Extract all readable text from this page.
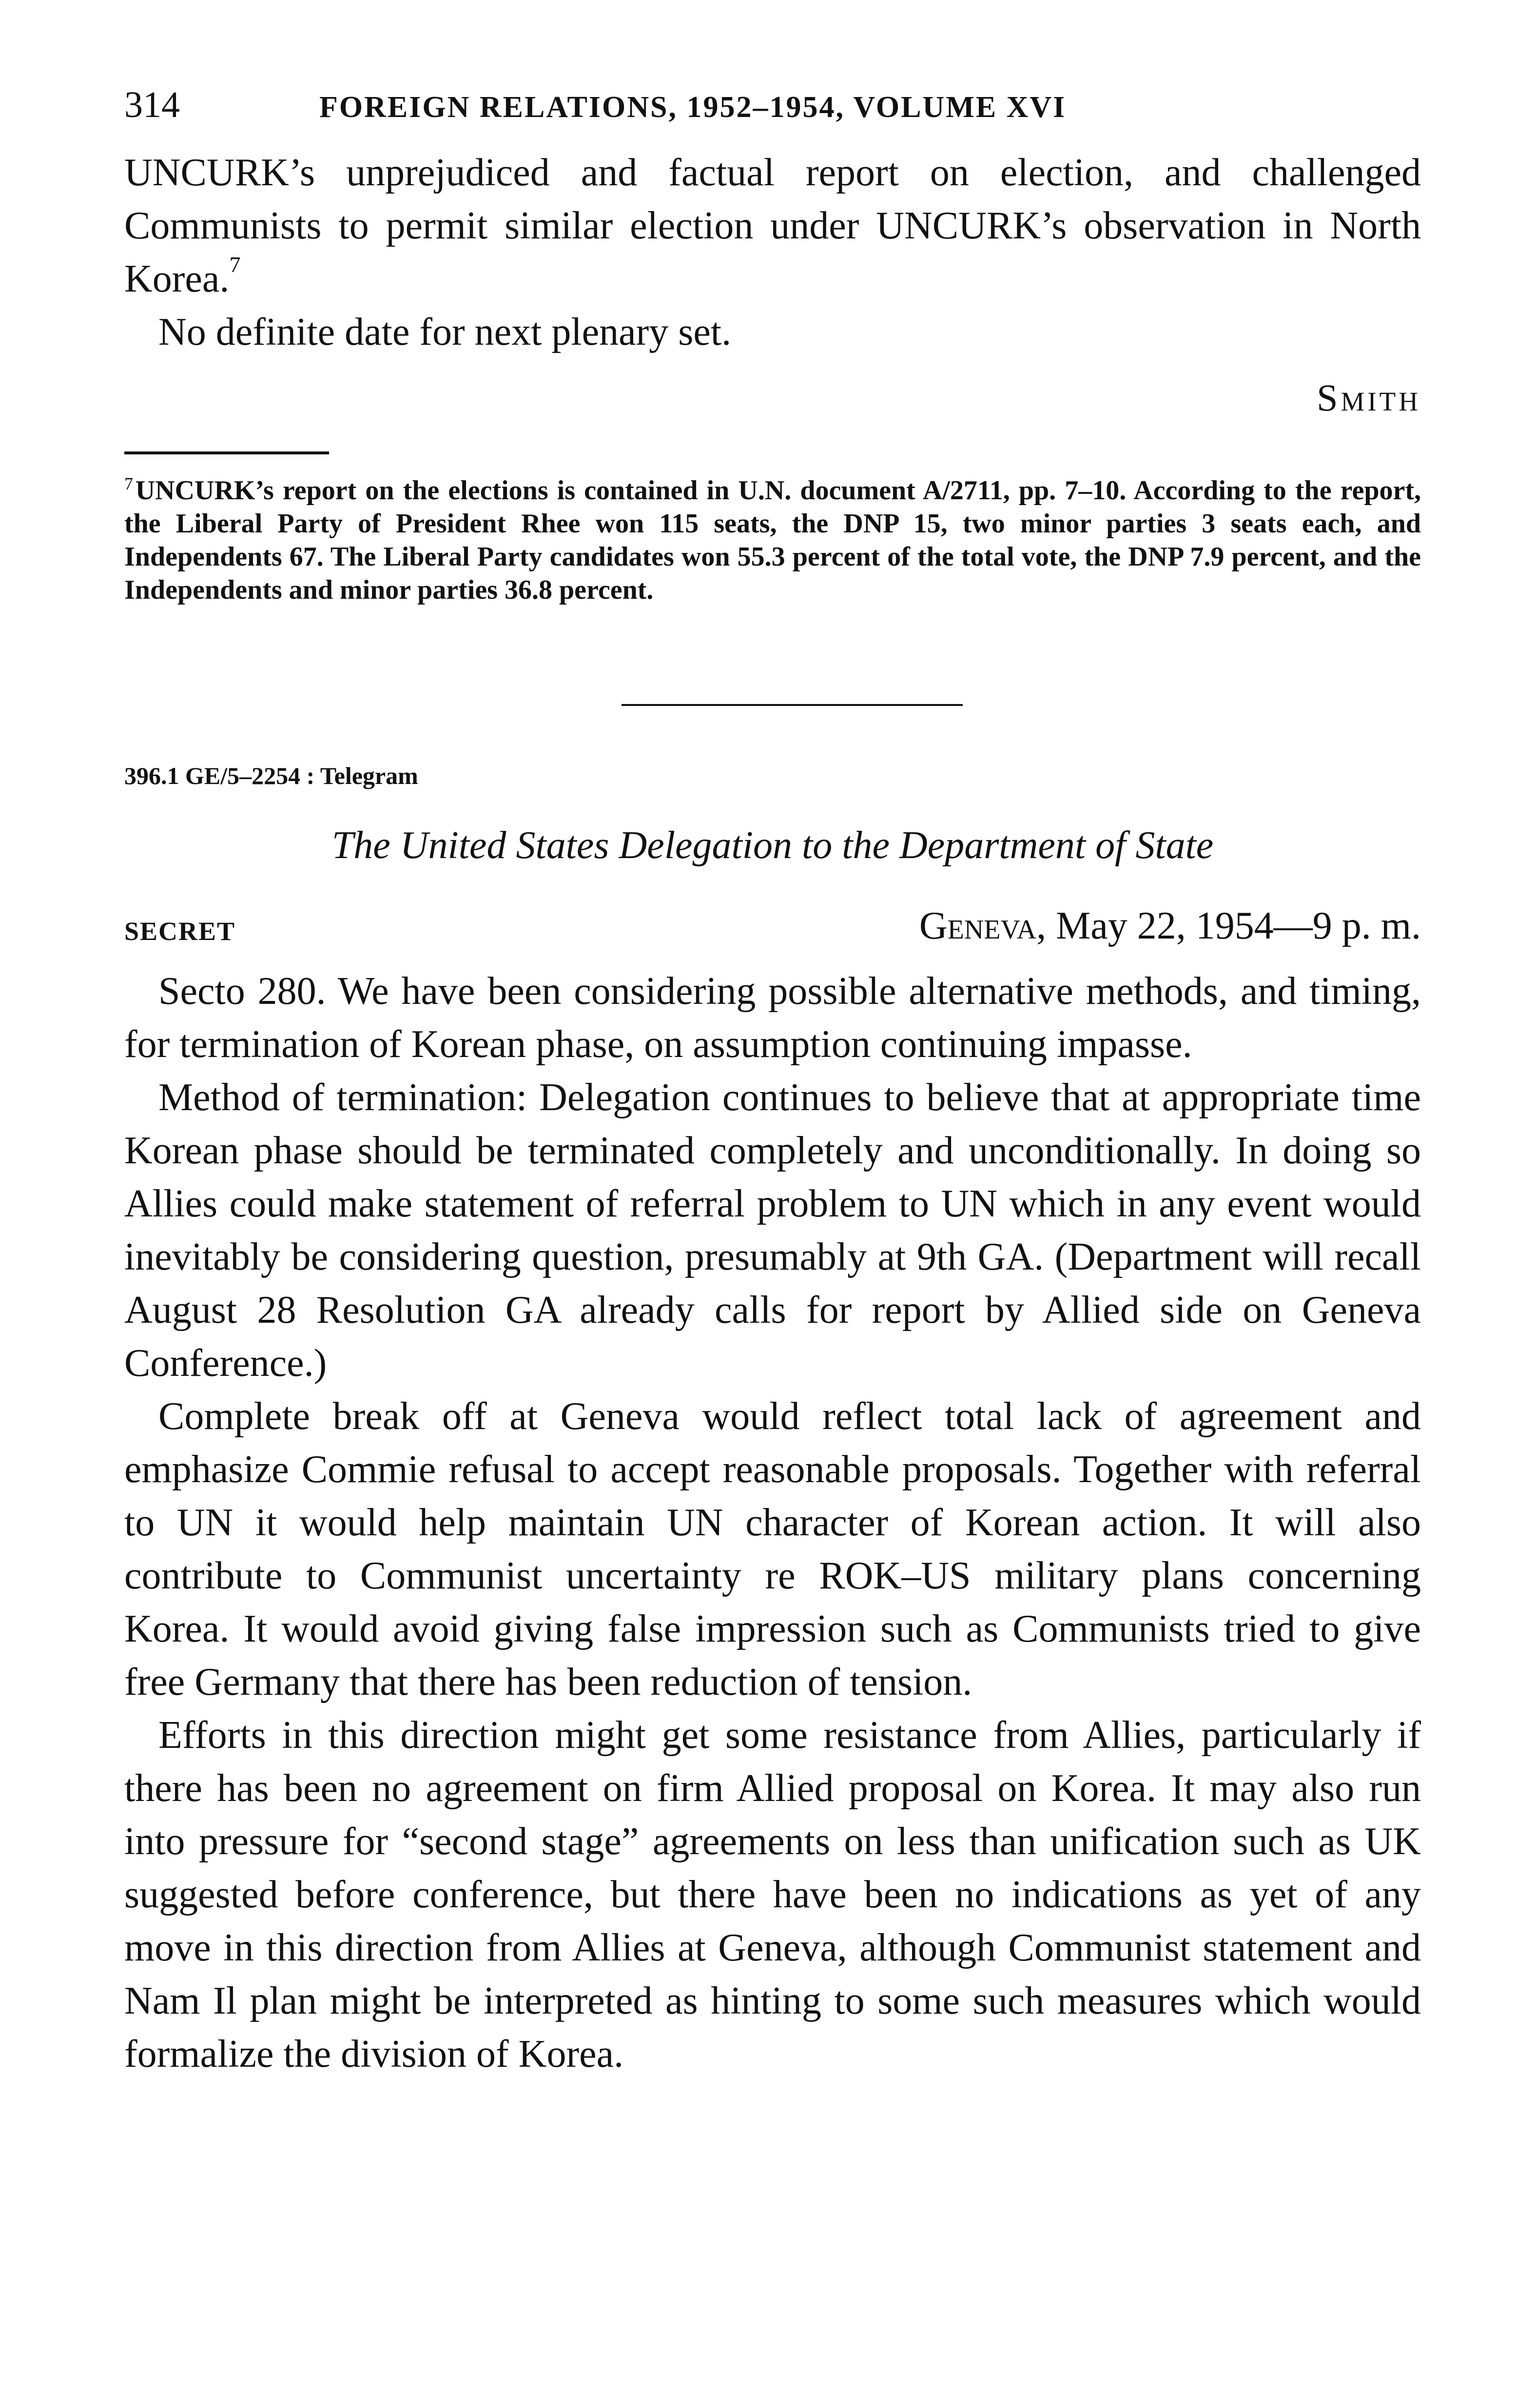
314	FOREIGN RELATIONS, 1952–1954, VOLUME XVI

UNCURK’s unprejudiced and factual report on election, and challenged Communists to permit similar election under UNCURK’s observation in North Korea.$^7$

No definite date for next plenary set.

Smith

$^7$ UNCURK’s report on the elections is contained in U.N. document A/2711, pp. 7–10. According to the report, the Liberal Party of President Rhee won 115 seats, the DNP 15, two minor parties 3 seats each, and Independents 67. The Liberal Party candidates won 55.3 percent of the total vote, the DNP 7.9 percent, and the Independents and minor parties 36.8 percent.

396.1 GE/5–2254 : Telegram

The United States Delegation to the Department of State

SECRET	Geneva, May 22, 1954—9 p. m.

Secto 280. We have been considering possible alternative methods, and timing, for termination of Korean phase, on assumption continuing impasse.

Method of termination: Delegation continues to believe that at appropriate time Korean phase should be terminated completely and unconditionally. In doing so Allies could make statement of referral problem to UN which in any event would inevitably be considering question, presumably at 9th GA. (Department will recall August 28 Resolution GA already calls for report by Allied side on Geneva Conference.)

Complete break off at Geneva would reflect total lack of agreement and emphasize Commie refusal to accept reasonable proposals. Together with referral to UN it would help maintain UN character of Korean action. It will also contribute to Communist uncertainty re ROK–US military plans concerning Korea. It would avoid giving false impression such as Communists tried to give free Germany that there has been reduction of tension.

Efforts in this direction might get some resistance from Allies, particularly if there has been no agreement on firm Allied proposal on Korea. It may also run into pressure for “second stage” agreements on less than unification such as UK suggested before conference, but there have been no indications as yet of any move in this direction from Allies at Geneva, although Communist statement and Nam Il plan might be interpreted as hinting to some such measures which would formalize the division of Korea.
